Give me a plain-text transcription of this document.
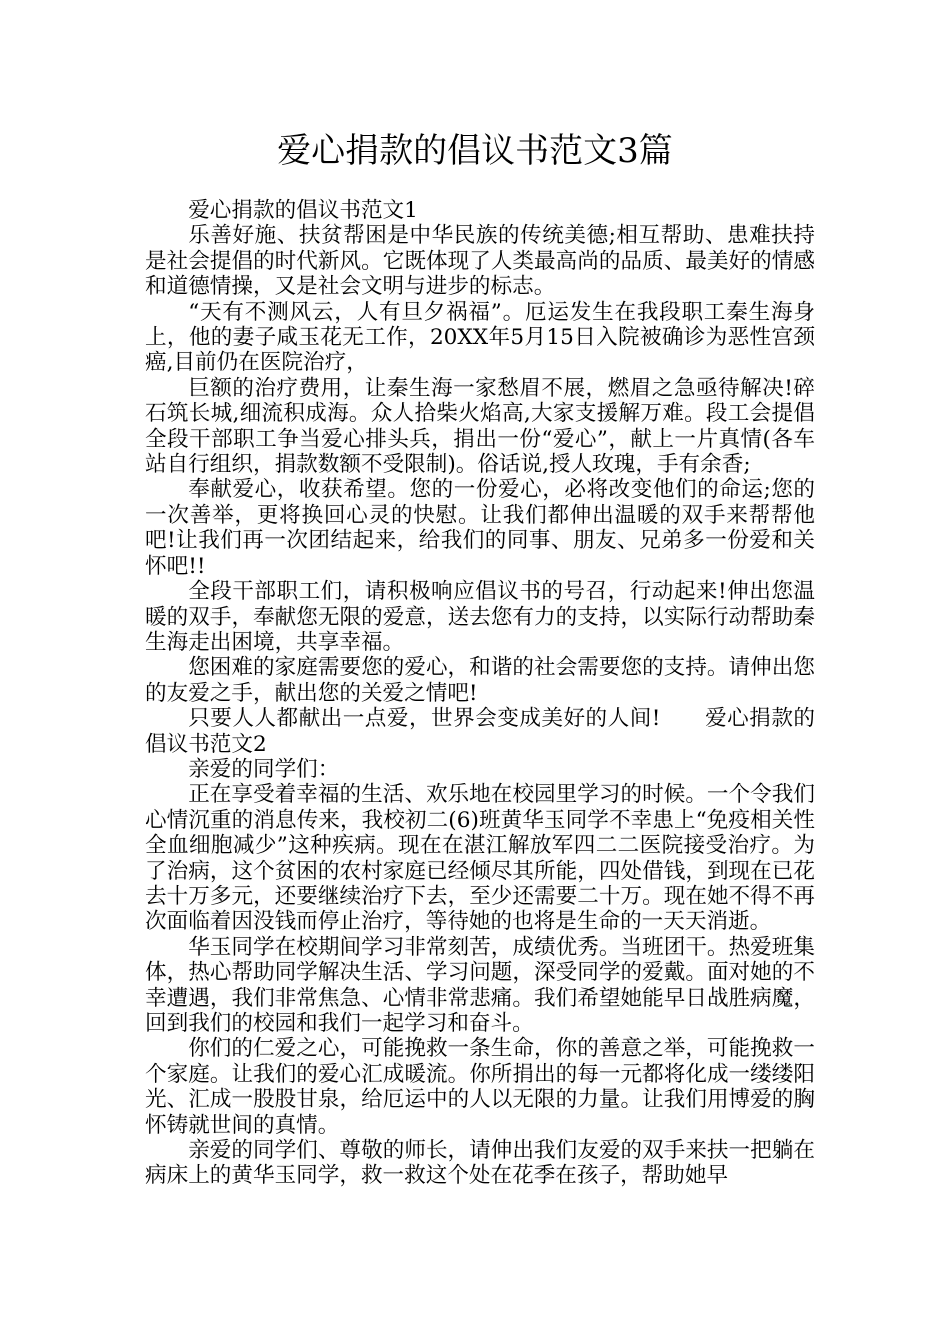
爱心捐款的倡议书范文3篇

爱心捐款的倡议书范文1

乐善好施、扶贫帮困是中华民族的传统美德;相互帮助、患难扶持是社会提倡的时代新风。它既体现了人类最高尚的品质、最美好的情感和道德情操，又是社会文明与进步的标志。

“天有不测风云，人有旦夕祸福”。厄运发生在我段职工秦生海身上，他的妻子咸玉花无工作，20XX年5月15日入院被确诊为恶性宫颈癌,目前仍在医院治疗，

巨额的治疗费用，让秦生海一家愁眉不展，燃眉之急亟待解决!碎石筑长城,细流积成海。众人拾柴火焰高,大家支援解万难。段工会提倡全段干部职工争当爱心排头兵，捐出一份“爱心”，献上一片真情(各车站自行组织，捐款数额不受限制)。俗话说,授人玫瑰，手有余香;

奉献爱心，收获希望。您的一份爱心，必将改变他们的命运;您的一次善举，更将换回心灵的快慰。让我们都伸出温暖的双手来帮帮他吧!让我们再一次团结起来，给我们的同事、朋友、兄弟多一份爱和关怀吧!!

全段干部职工们，请积极响应倡议书的号召，行动起来!伸出您温暖的双手，奉献您无限的爱意，送去您有力的支持，以实际行动帮助秦生海走出困境，共享幸福。

您困难的家庭需要您的爱心，和谐的社会需要您的支持。请伸出您的友爱之手，献出您的关爱之情吧!

只要人人都献出一点爱，世界会变成美好的人间!　　爱心捐款的倡议书范文2

亲爱的同学们：

正在享受着幸福的生活、欢乐地在校园里学习的时候。一个令我们心情沉重的消息传来，我校初二(6)班黄华玉同学不幸患上“免疫相关性全血细胞减少”这种疾病。现在在湛江解放军四二二医院接受治疗。为了治病，这个贫困的农村家庭已经倾尽其所能，四处借钱，到现在已花去十万多元，还要继续治疗下去，至少还需要二十万。现在她不得不再次面临着因没钱而停止治疗，等待她的也将是生命的一天天消逝。

华玉同学在校期间学习非常刻苦，成绩优秀。当班团干。热爱班集体，热心帮助同学解决生活、学习问题，深受同学的爱戴。面对她的不幸遭遇，我们非常焦急、心情非常悲痛。我们希望她能早日战胜病魔，回到我们的校园和我们一起学习和奋斗。

你们的仁爱之心，可能挽救一条生命，你的善意之举，可能挽救一个家庭。让我们的爱心汇成暖流。你所捐出的每一元都将化成一缕缕阳光、汇成一股股甘泉，给厄运中的人以无限的力量。让我们用博爱的胸怀铸就世间的真情。

亲爱的同学们、尊敬的师长，请伸出我们友爱的双手来扶一把躺在病床上的黄华玉同学，救一救这个处在花季在孩子，帮助她早
